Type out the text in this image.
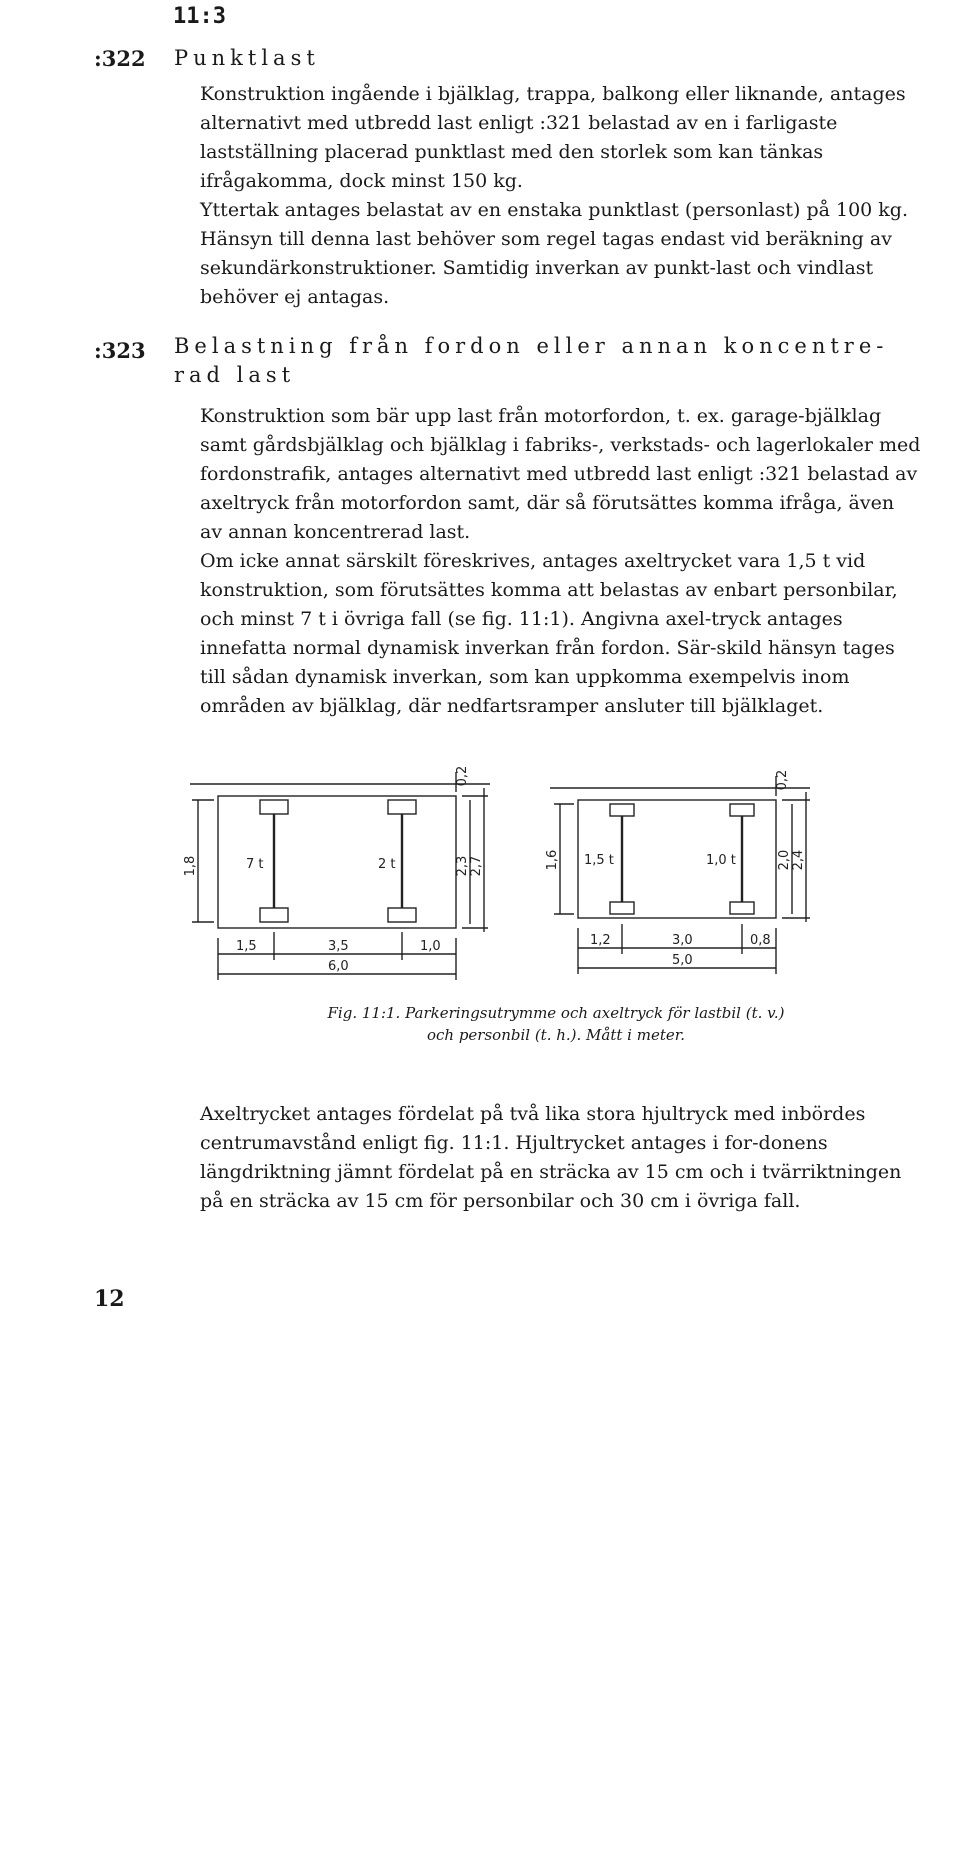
11:3
:322 Punktlast

Konstruktion ingående i bjälklag, trappa, balkong eller liknande, antages alternativt med utbredd last enligt :321 belastad av en i farligaste lastställning placerad punktlast med den storlek som kan tänkas ifrågakomma, dock minst 150 kg.

Yttertak antages belastat av en enstaka punktlast (personlast) på 100 kg. Hänsyn till denna last behöver som regel tagas endast vid beräkning av sekundärkonstruktioner. Samtidig inverkan av punkt-last och vindlast behöver ej antagas.

:323 Belastning från fordon eller annan koncentre-rad last

Konstruktion som bär upp last från motorfordon, t. ex. garage-bjälklag samt gårdsbjälklag och bjälklag i fabriks-, verkstads- och lagerlokaler med fordonstrafik, antages alternativt med utbredd last enligt :321 belastad av axeltryck från motorfordon samt, där så förutsättes komma ifråga, även av annan koncentrerad last.

Om icke annat särskilt föreskrives, antages axeltrycket vara 1,5 t vid konstruktion, som förutsättes komma att belastas av enbart personbilar, och minst 7 t i övriga fall (se fig. 11:1). Angivna axel-tryck antages innefatta normal dynamisk inverkan från fordon. Sär-skild hänsyn tages till sådan dynamisk inverkan, som kan uppkomma exempelvis inom områden av bjälklag, där nedfartsramper ansluter till bjälklaget.

7 t	2 t
1,8
0,2
2,3 2,7
1,5	3,5	1,0
6,0
1,5 t	1,0 t
1,6
0,2
2,0 2,4
1,2	3,0	0,8
5,0
Fig. 11:1. Parkeringsutrymme och axeltryck för lastbil (t. v.)
och personbil (t. h.). Mått i meter.

Axeltrycket antages fördelat på två lika stora hjultryck med inbördes centrumavstånd enligt fig. 11:1. Hjultrycket antages i for-donens längdriktning jämnt fördelat på en sträcka av 15 cm och i tvärriktningen på en sträcka av 15 cm för personbilar och 30 cm i övriga fall.

12
